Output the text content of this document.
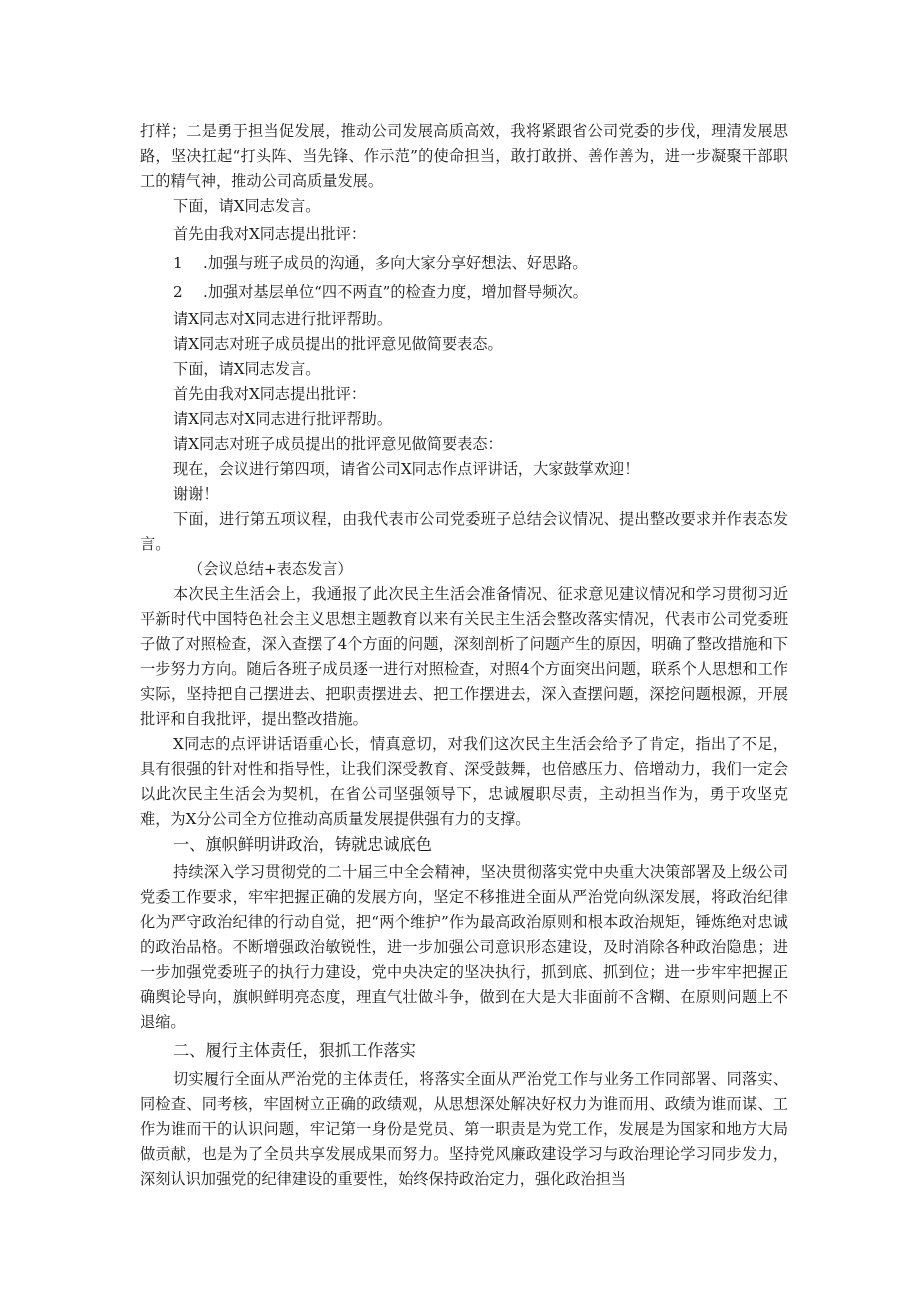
打样；二是勇于担当促发展，推动公司发展高质高效，我将紧跟省公司党委的步伐，理清发展思路，坚决扛起“打头阵、当先锋、作示范”的使命担当，敢打敢拼、善作善为，进一步凝聚干部职工的精气神，推动公司高质量发展。

下面，请X同志发言。

首先由我对X同志提出批评：

1 .加强与班子成员的沟通，多向大家分享好想法、好思路。

2 .加强对基层单位“四不两直”的检查力度，增加督导频次。

请X同志对X同志进行批评帮助。

请X同志对班子成员提出的批评意见做简要表态。

下面，请X同志发言。

首先由我对X同志提出批评：

请X同志对X同志进行批评帮助。

请X同志对班子成员提出的批评意见做简要表态：

现在，会议进行第四项，请省公司X同志作点评讲话，大家鼓掌欢迎！

谢谢！

下面，进行第五项议程，由我代表市公司党委班子总结会议情况、提出整改要求并作表态发言。

（会议总结+表态发言）

本次民主生活会上，我通报了此次民主生活会准备情况、征求意见建议情况和学习贯彻习近平新时代中国特色社会主义思想主题教育以来有关民主生活会整改落实情况，代表市公司党委班子做了对照检查，深入查摆了4个方面的问题，深刻剖析了问题产生的原因，明确了整改措施和下一步努力方向。随后各班子成员逐一进行对照检查，对照4个方面突出问题，联系个人思想和工作实际，坚持把自己摆进去、把职责摆进去、把工作摆进去，深入查摆问题，深挖问题根源，开展批评和自我批评，提出整改措施。

X同志的点评讲话语重心长，情真意切，对我们这次民主生活会给予了肯定，指出了不足，具有很强的针对性和指导性，让我们深受教育、深受鼓舞，也倍感压力、倍增动力，我们一定会以此次民主生活会为契机，在省公司坚强领导下，忠诚履职尽责，主动担当作为，勇于攻坚克难，为X分公司全方位推动高质量发展提供强有力的支撑。

一、旗帜鲜明讲政治，铸就忠诚底色

持续深入学习贯彻党的二十届三中全会精神，坚决贯彻落实党中央重大决策部署及上级公司党委工作要求，牢牢把握正确的发展方向，坚定不移推进全面从严治党向纵深发展，将政治纪律化为严守政治纪律的行动自觉，把“两个维护”作为最高政治原则和根本政治规矩，锤炼绝对忠诚的政治品格。不断增强政治敏锐性，进一步加强公司意识形态建设，及时消除各种政治隐患；进一步加强党委班子的执行力建设，党中央决定的坚决执行，抓到底、抓到位；进一步牢牢把握正确舆论导向，旗帜鲜明亮态度，理直气壮做斗争，做到在大是大非面前不含糊、在原则问题上不退缩。

二、履行主体责任，狠抓工作落实

切实履行全面从严治党的主体责任，将落实全面从严治党工作与业务工作同部署、同落实、同检查、同考核，牢固树立正确的政绩观，从思想深处解决好权力为谁而用、政绩为谁而谋、工作为谁而干的认识问题，牢记第一身份是党员、第一职责是为党工作，发展是为国家和地方大局做贡献，也是为了全员共享发展成果而努力。坚持党风廉政建设学习与政治理论学习同步发力，深刻认识加强党的纪律建设的重要性，始终保持政治定力，强化政治担当
